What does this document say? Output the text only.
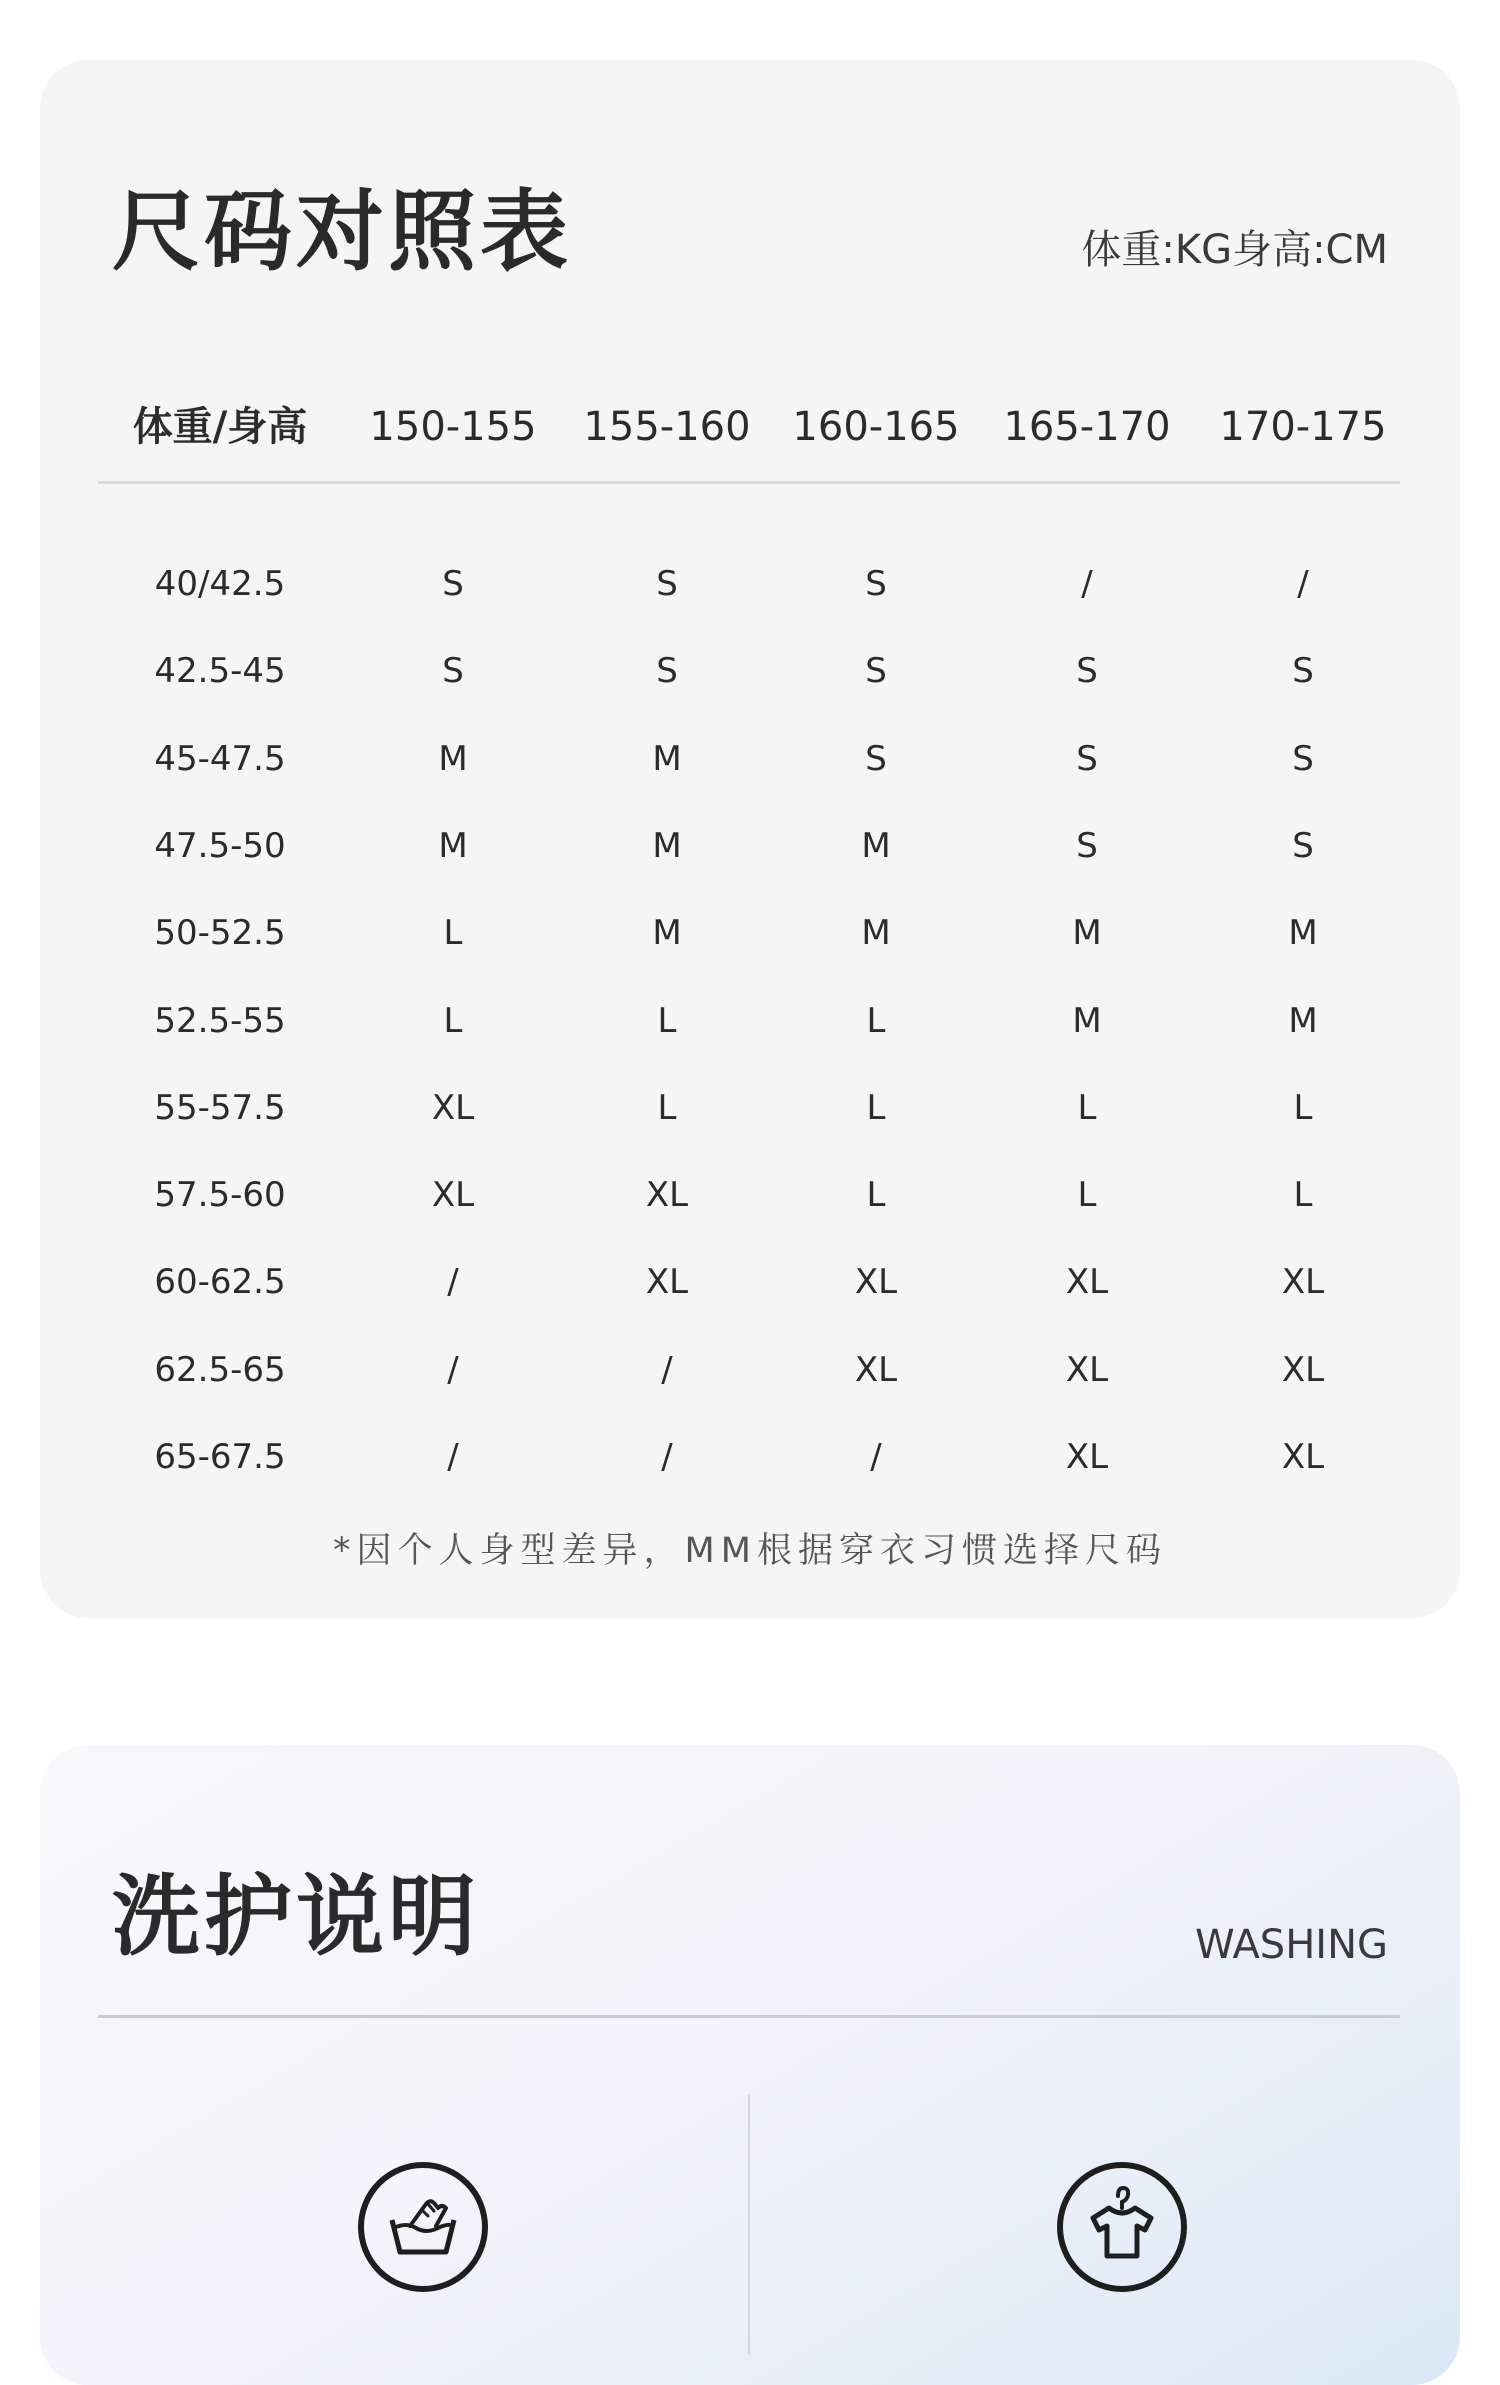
尺码对照表	体重:KG身高:CM
体重/身高	150-155	155-160	160-165	165-170	170-175
40/42.5	S	S	S	/	/
42.5-45	S	S	S	S	S
45-47.5	M	M	S	S	S
47.5-50	M	M	M	S	S
50-52.5	L	M	M	M	M
52.5-55	L	L	L	M	M
55-57.5	XL	L	L	L	L
57.5-60	XL	XL	L	L	L
60-62.5	/	XL	XL	XL	XL
62.5-65	/	/	XL	XL	XL
65-67.5	/	/	/	XL	XL
*因个人身型差异，MM根据穿衣习惯选择尺码
洗护说明	WASHING
